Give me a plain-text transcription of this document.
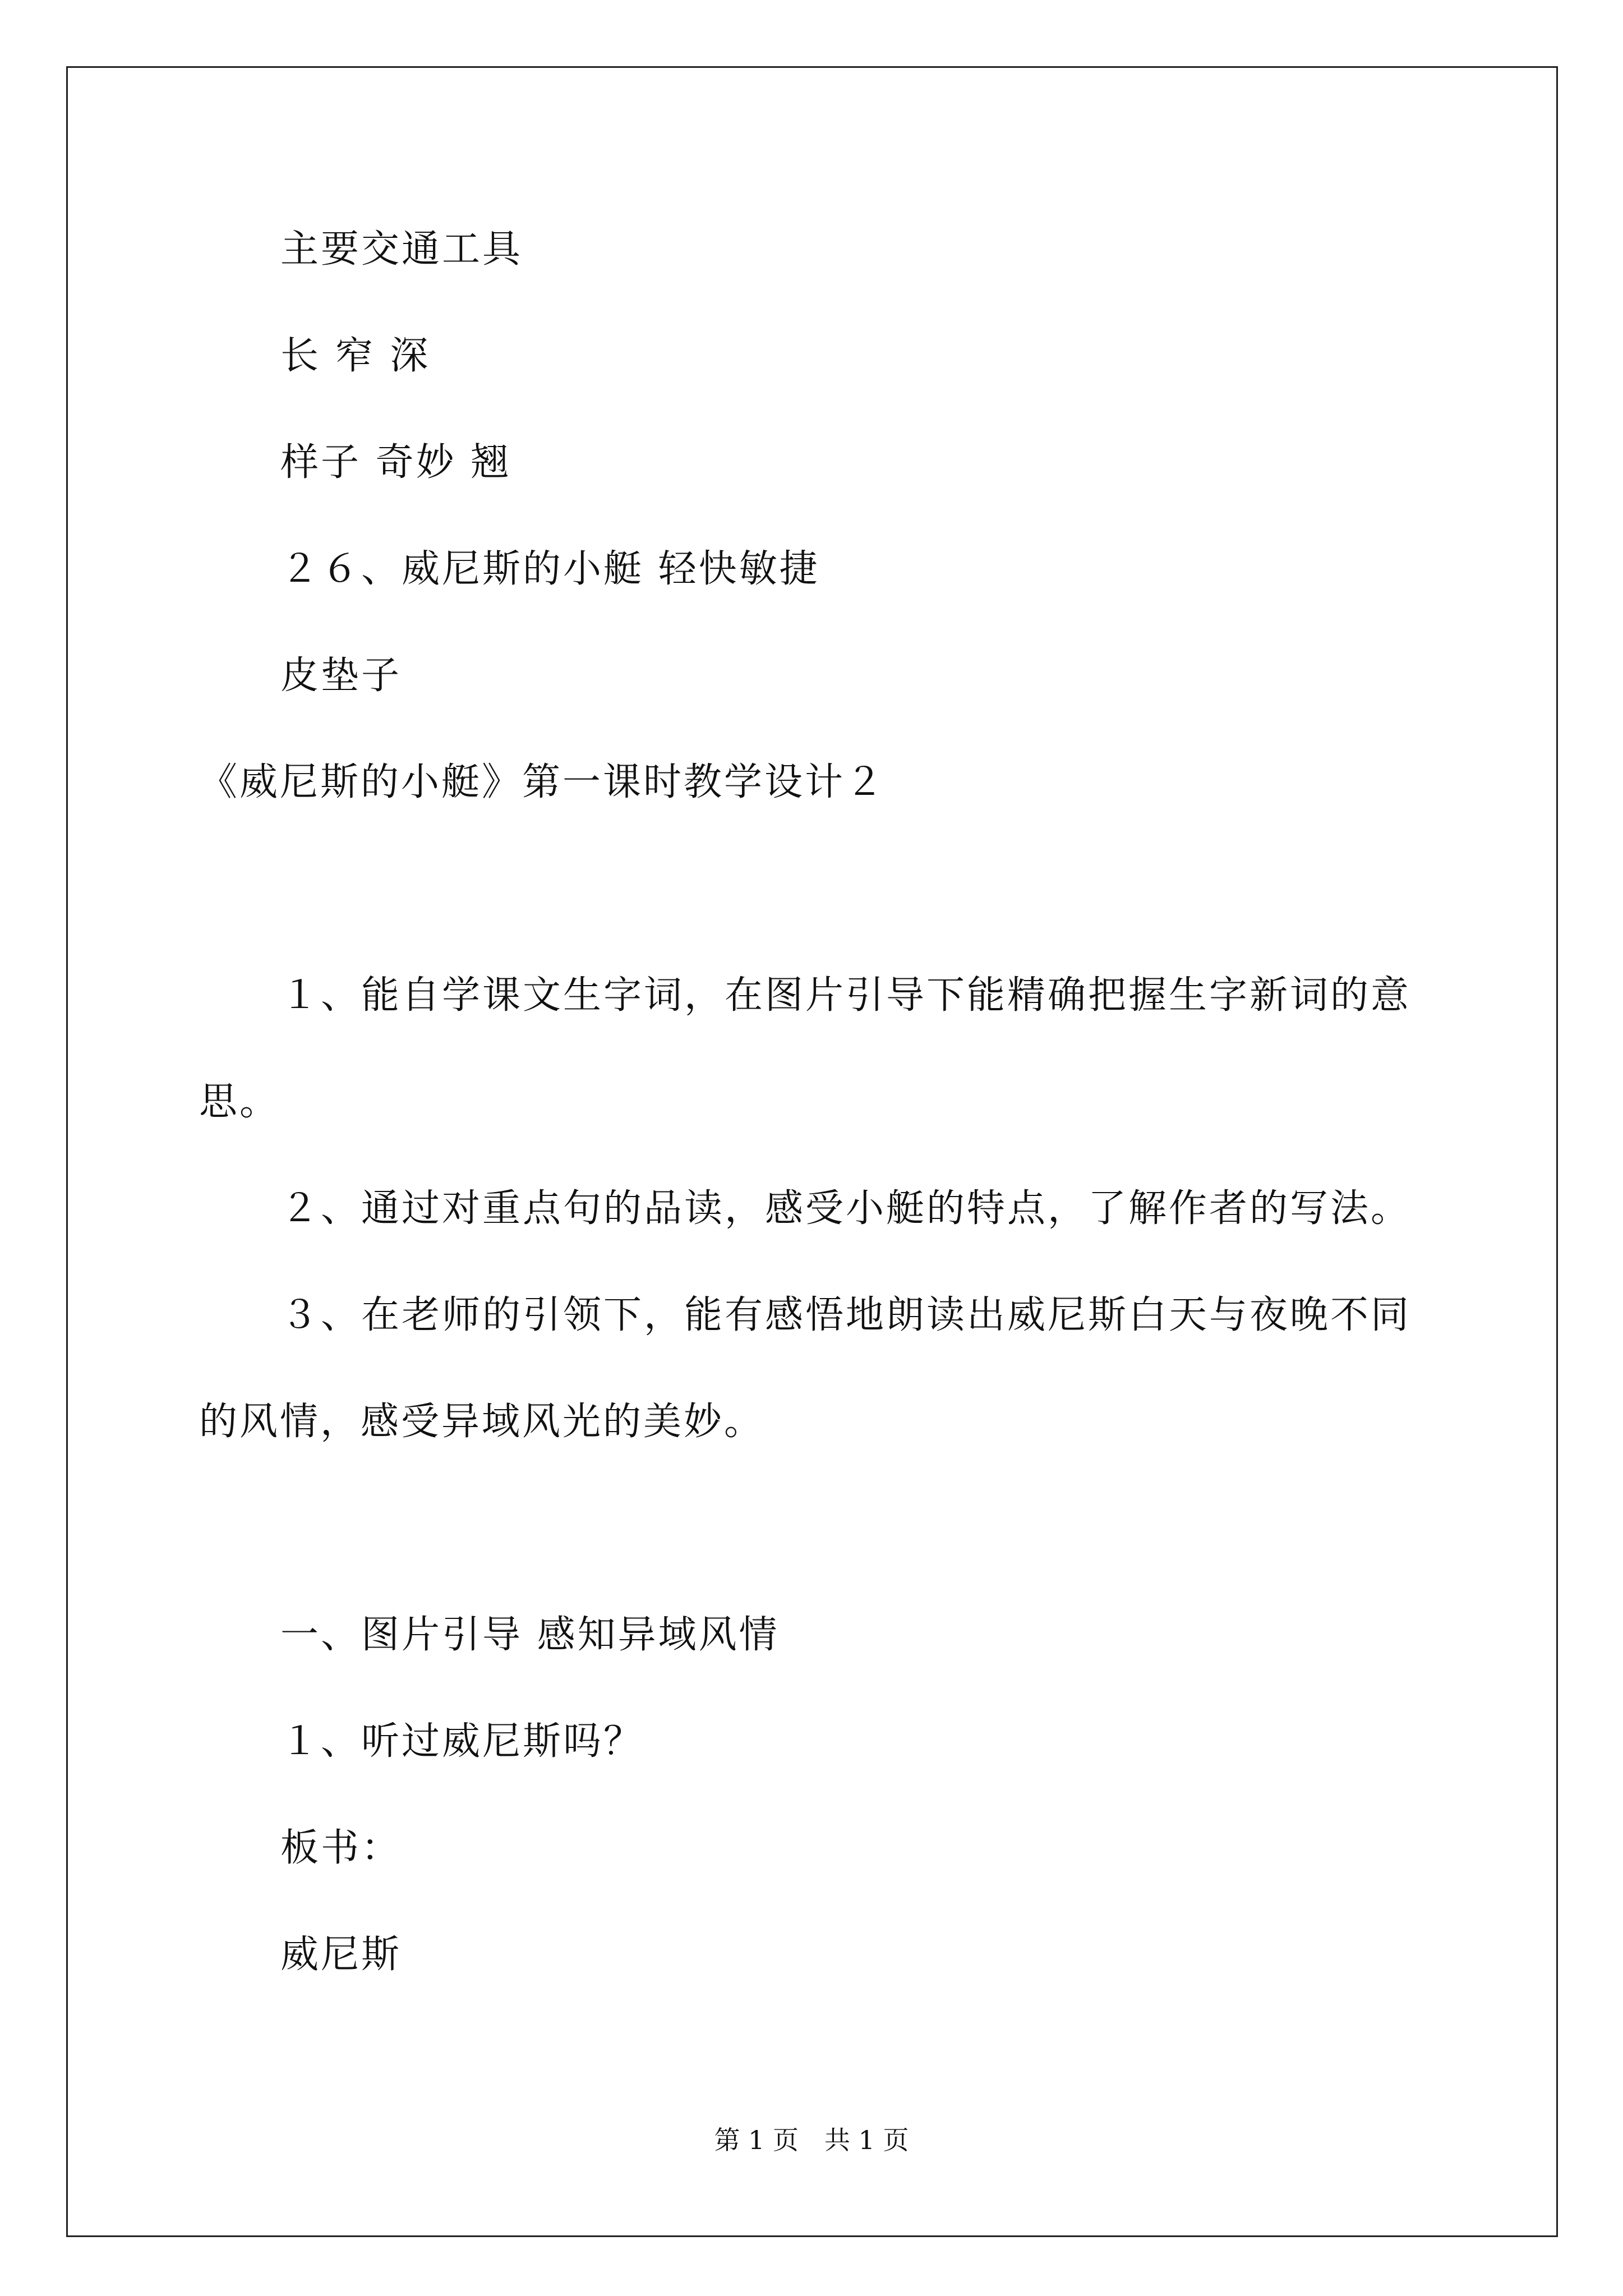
主要交通工具
长 窄 深
样子 奇妙 翘
２６、威尼斯的小艇 轻快敏捷
皮垫子
《威尼斯的小艇》第一课时教学设计２
１、能自学课文生字词，在图片引导下能精确把握生字新词的意
思。
２、通过对重点句的品读，感受小艇的特点，了解作者的写法。
３、在老师的引领下，能有感悟地朗读出威尼斯白天与夜晚不同
的风情，感受异域风光的美妙。
一、图片引导 感知异域风情
１、听过威尼斯吗？
板书：
威尼斯
第 1 页　共 1 页
